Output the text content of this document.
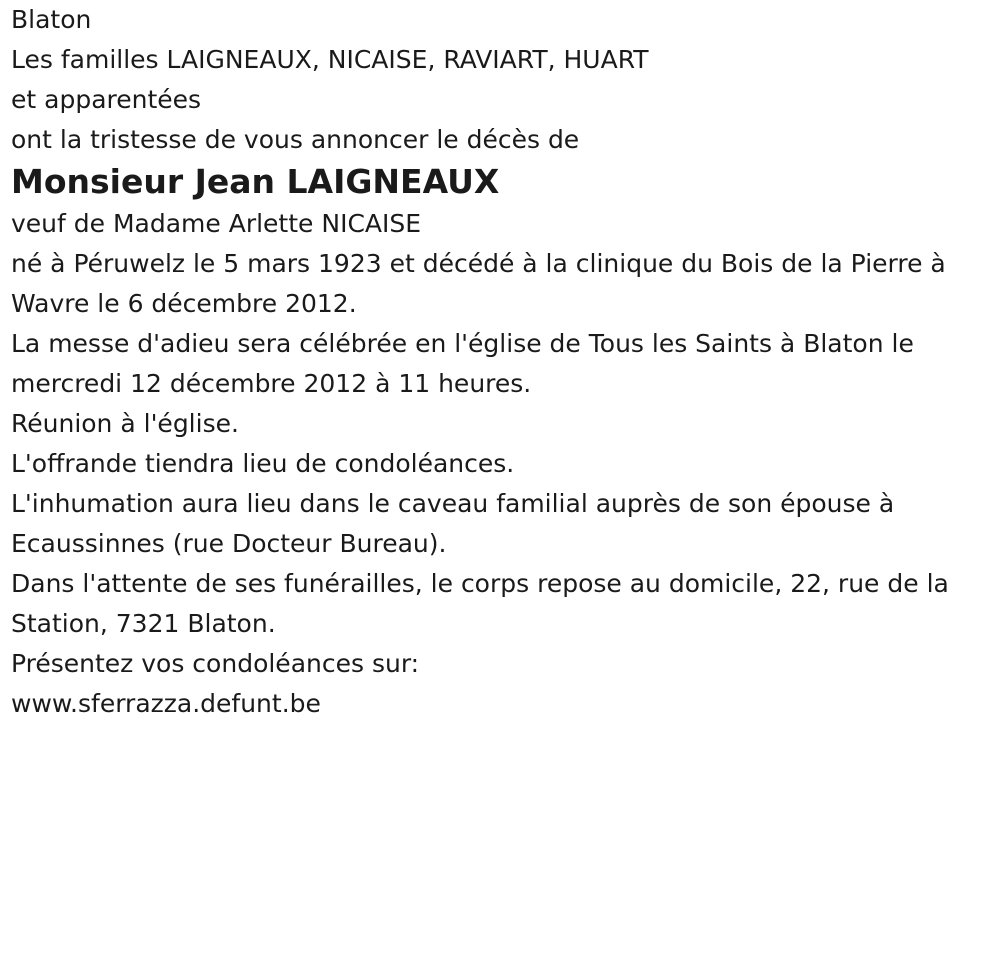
Blaton

Les familles LAIGNEAUX, NICAISE, RAVIART, HUART

et apparentées

ont la tristesse de vous annoncer le décès de

Monsieur Jean LAIGNEAUX

veuf de Madame Arlette NICAISE

né à Péruwelz le 5 mars 1923 et décédé à la clinique du Bois de la Pierre à Wavre le 6 décembre 2012.

La messe d'adieu sera célébrée en l'église de Tous les Saints à Blaton le mercredi 12 décembre 2012 à 11 heures.

Réunion à l'église.

L'offrande tiendra lieu de condoléances.

L'inhumation aura lieu dans le caveau familial auprès de son épouse à Ecaussinnes (rue Docteur Bureau).

Dans l'attente de ses funérailles, le corps repose au domicile, 22, rue de la Station, 7321 Blaton.

Présentez vos condoléances sur:

www.sferrazza.defunt.be
